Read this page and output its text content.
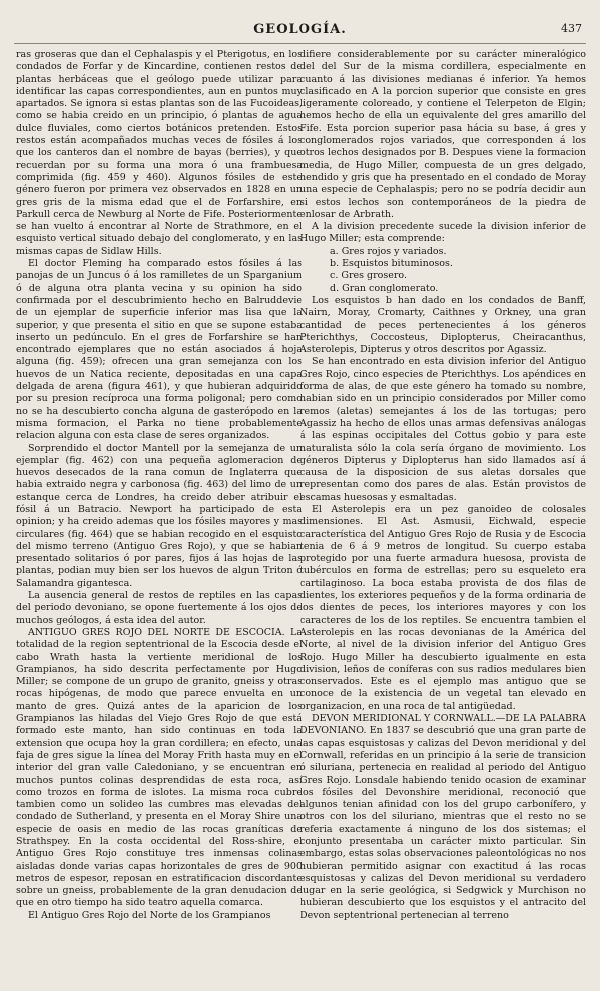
GEOLOGÍA.	437

ras groseras que dan el Cephalaspis y el Pterigotus, en los condados de Forfar y de Kincardine, contienen restos de plantas herbáceas que el geólogo puede utilizar para identificar las capas correspondientes, aun en puntos muy apartados. Se ignora si estas plantas son de las Fucoideas, como se habia creido en un principio, ó plantas de agua dulce fluviales, como ciertos botánicos pretenden. Estos restos están acompañados muchas veces de fósiles á los que los canteros dan el nombre de bayas (berries), y que recuerdan por su forma una mora ó una frambuesa comprimida (fig. 459 y 460). Algunos fósiles de este género fueron por primera vez observados en 1828 en un gres gris de la misma edad que el de Forfarshire, en Parkull cerca de Newburg al Norte de Fife. Posteriormente se han vuelto á encontrar al Norte de Strathmore, en el esquisto vertical situado debajo del conglomerato, y en las mismas capas de Sidlaw Hills.

El doctor Fleming ha comparado estos fósiles á las panojas de un Juncus ó á los ramilletes de un Sparganium ó de alguna otra planta vecina y su opinion ha sido confirmada por el descubrimiento hecho en Balruddevie de un ejemplar de superficie inferior mas lisa que la superior, y que presenta el sitio en que se supone estaba inserto un pedúnculo. En el gres de Forfarshire se han encontrado ejemplares que no están asociados á hoja alguna (fig. 459); ofrecen una gran semejanza con los huevos de un Natica reciente, depositadas en una capa delgada de arena (figura 461), y que hubieran adquirido por su presion recíproca una forma poligonal; pero como no se ha descubierto concha alguna de gasterópodo en la misma formacion, el Parka no tiene probablemente relacion alguna con esta clase de seres organizados.

Sorprendido el doctor Mantell por la semejanza de un ejemplar (fig. 462) con una pequeña aglomeracion de huevos desecados de la rana comun de Inglaterra que habia extraido negra y carbonosa (fig. 463) del limo de un estanque cerca de Londres, ha creido deber atribuir el fósil á un Batracio. Newport ha participado de esta opinion; y ha creido ademas que los fósiles mayores y mas circulares (fig. 464) que se habian recogido en el esquisto del mismo terreno (Antiguo Gres Rojo), y que se habian presentado solitarios ó por pares, fijos á las hojas de las plantas, podian muy bien ser los huevos de algun Triton ó Salamandra gigantesca.

La ausencia general de restos de reptiles en las capas del periodo devoniano, se opone fuertemente á los ojos de muchos geólogos, á esta idea del autor.

ANTIGUO GRES ROJO DEL NORTE DE ESCOCIA. La totalidad de la region septentrional de la Escocia desde el cabo Wrath hasta la vertiente meridional de los Grampianos, ha sido descrita perfectamente por Hugo Miller; se compone de un grupo de granito, gneiss y otras rocas hipógenas, de modo que parece envuelta en un manto de gres. Quizá antes de la aparicion de los Grampianos las hiladas del Viejo Gres Rojo de que está formado este manto, han sido continuas en toda la extension que ocupa hoy la gran cordillera; en efecto, una faja de gres sigue la línea del Moray Frith hasta muy en el interior del gran valle Caledoniano, y se encuentran en muchos puntos colinas desprendidas de esta roca, así como trozos en forma de islotes. La misma roca cubre tambien como un solideo las cumbres mas elevadas del condado de Sutherland, y presenta en el Moray Shire una especie de oasis en medio de las rocas graníticas de Strathspey. En la costa occidental del Ross-shire, el Antiguo Gres Rojo constituye tres inmensas colinas aisladas donde varias capas horizontales de gres de 900 metros de espesor, reposan en estratificacion discordante sobre un gneiss, probablemente de la gran denudacion de que en otro tiempo ha sido teatro aquella comarca.

El Antiguo Gres Rojo del Norte de los Grampianos

difiere considerablemente por su carácter mineralógico del del Sur de la misma cordillera, especialmente en cuanto á las divisiones medianas é inferior. Ya hemos clasificado en A la porcion superior que consiste en gres ligeramente coloreado, y contiene el Telerpeton de Elgin; hemos hecho de ella un equivalente del gres amarillo del Fife. Esta porcion superior pasa hácia su base, á gres y conglomerados rojos variados, que corresponden á los otros lechos designados por B. Despues viene la formacion media, de Hugo Miller, compuesta de un gres delgado, hendido y gris que ha presentado en el condado de Moray una especie de Cephalaspis; pero no se podría decidir aun si estos lechos son contemporáneos de la piedra de enlosar de Arbrath.

A la division precedente sucede la division inferior de Hugo Miller; esta comprende:

a. Gres rojos y variados.
b. Esquistos bituminosos.
c. Gres grosero.
d. Gran conglomerato.

Los esquistos b han dado en los condados de Banff, Nairn, Moray, Cromarty, Caithnes y Orkney, una gran cantidad de peces pertenecientes á los géneros Pterichthys, Coccosteus, Diplopterus, Cheiracanthus, Asterolepis, Dipterus y otros descritos por Agassiz.

Se han encontrado en esta division inferior del Antiguo Gres Rojo, cinco especies de Pterichthys. Los apéndices en forma de alas, de que este género ha tomado su nombre, habian sido en un principio considerados por Miller como remos (aletas) semejantes á los de las tortugas; pero Agassiz ha hecho de ellos unas armas defensivas análogas á las espinas occipitales del Cottus gobio y para este naturalista sólo la cola sería órgano de movimiento. Los géneros Dipterus y Diplopterus han sido llamados así á causa de la disposicion de sus aletas dorsales que representan como dos pares de alas. Están provistos de escamas huesosas y esmaltadas.

El Asterolepis era un pez ganoideo de colosales dimensiones. El Ast. Asmusii, Eichwald, especie característica del Antiguo Gres Rojo de Rusia y de Escocia tenia de 6 á 9 metros de longitud. Su cuerpo estaba protegido por una fuerte armadura huesosa, provista de tubérculos en forma de estrellas; pero su esqueleto era cartilaginoso. La boca estaba provista de dos filas de dientes, los exteriores pequeños y de la forma ordinaria de los dientes de peces, los interiores mayores y con los caracteres de los de los reptiles. Se encuentra tambien el Asterolepis en las rocas devonianas de la América del Norte, al nivel de la division inferior del Antiguo Gres Rojo. Hugo Miller ha descubierto igualmente en esta division, leños de coníferas con sus radios medulares bien conservados. Este es el ejemplo mas antiguo que se conoce de la existencia de un vegetal tan elevado en organizacion, en una roca de tal antigüedad.

DEVON MERIDIONAL Y CORNWALL.—DE LA PALABRA DEVONIANO. En 1837 se descubrió que una gran parte de las capas esquistosas y calizas del Devon meridional y del Cornwall, referidas en un principio á la serie de transicion ó siluriana, pertenecia en realidad al periodo del Antiguo Gres Rojo. Lonsdale habiendo tenido ocasion de examinar los fósiles del Devonshire meridional, reconoció que algunos tenian afinidad con los del grupo carbonífero, y otros con los del siluriano, mientras que el resto no se referia exactamente á ninguno de los dos sistemas; el conjunto presentaba un carácter mixto particular. Sin embargo, estas solas observaciones paleontológicas no nos hubieran permitido asignar con exactitud á las rocas esquistosas y calizas del Devon meridional su verdadero lugar en la serie geológica, si Sedgwick y Murchison no hubieran descubierto que los esquistos y el antracito del Devon septentrional pertenecian al terreno
